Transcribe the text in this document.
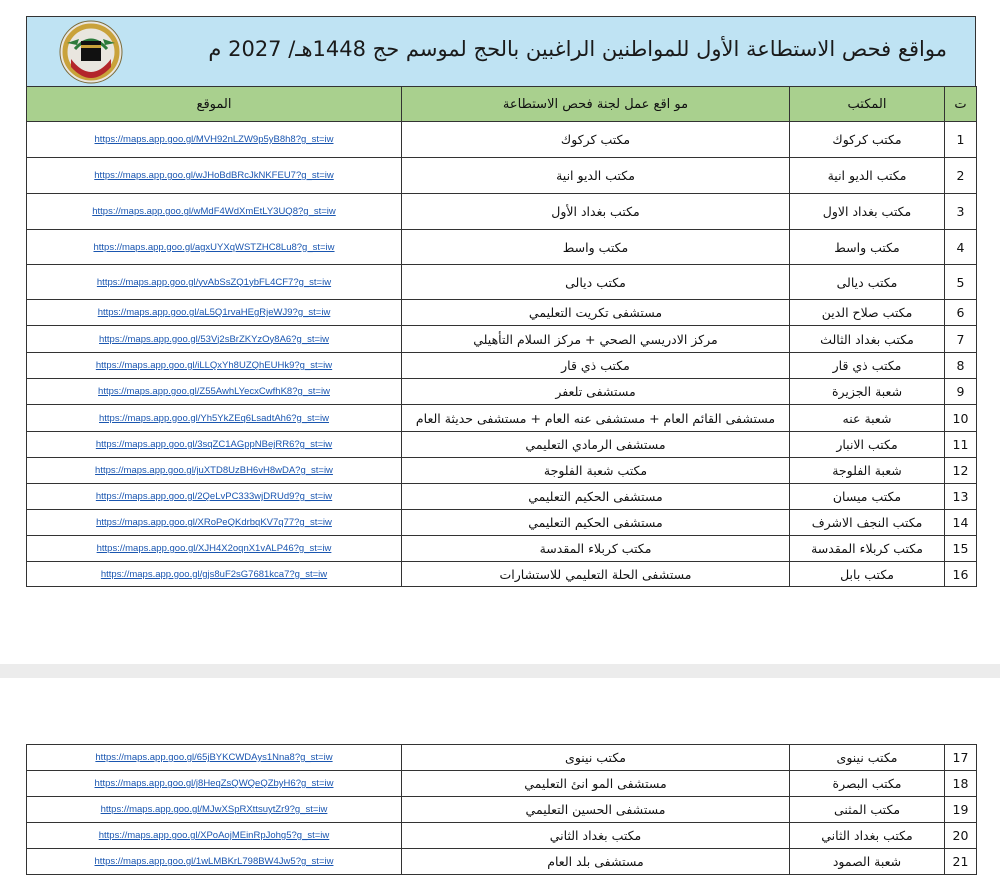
مواقع فحص الاستطاعة الأول للمواطنين الراغبين بالحج لموسم حج 1448هـ/ 2027 م
ت	المكتب	مو اقع عمل لجنة فحص الاستطاعة	الموقع
1	مكتب كركوك	مكتب كركوك	https://maps.app.goo.gl/MVH92nLZW9p5yB8h8?g_st=iw
2	مكتب الديو انية	مكتب الديو انية	https://maps.app.goo.gl/wJHoBdBRcJkNKFEU7?g_st=iw
3	مكتب بغداد الاول	مكتب بغداد الأول	https://maps.app.goo.gl/wMdF4WdXmEtLY3UQ8?g_st=iw
4	مكتب واسط	مكتب واسط	https://maps.app.goo.gl/agxUYXqWSTZHC8Lu8?g_st=iw
5	مكتب ديالى	مكتب ديالى	https://maps.app.goo.gl/yvAbSsZQ1ybFL4CF7?g_st=iw
6	مكتب صلاح الدين	مستشفى تكريت التعليمي	https://maps.app.goo.gl/aL5Q1rvaHEgRjeWJ9?g_st=iw
7	مكتب بغداد الثالث	مركز الادريسي الصحي + مركز السلام التأهيلي	https://maps.app.goo.gl/53Vj2sBrZKYzOy8A6?g_st=iw
8	مكتب ذي قار	مكتب ذي قار	https://maps.app.goo.gl/iLLQxYh8UZQhEUHk9?g_st=iw
9	شعبة الجزيرة	مستشفى تلعفر	https://maps.app.goo.gl/Z55AwhLYecxCwfhK8?g_st=iw
10	شعبة عنه	مستشفى القائم العام + مستشفى عنه العام + مستشفى حديثة العام	https://maps.app.goo.gl/Yh5YkZEq6LsadtAh6?g_st=iw
11	مكتب الانبار	مستشفى الرمادي التعليمي	https://maps.app.goo.gl/3sqZC1AGppNBejRR6?g_st=iw
12	شعبة الفلوجة	مكتب شعبة الفلوجة	https://maps.app.goo.gl/juXTD8UzBH6vH8wDA?g_st=iw
13	مكتب ميسان	مستشفى الحكيم التعليمي	https://maps.app.goo.gl/2QeLvPC333wjDRUd9?g_st=iw
14	مكتب النجف الاشرف	مستشفى الحكيم التعليمي	https://maps.app.goo.gl/XRoPeQKdrbqKV7q77?g_st=iw
15	مكتب كربلاء المقدسة	مكتب كربلاء المقدسة	https://maps.app.goo.gl/XJH4X2oqnX1vALP46?g_st=iw
16	مكتب بابل	مستشفى الحلة التعليمي للاستشارات	https://maps.app.goo.gl/gjs8uF2sG7681kca7?g_st=iw
17	مكتب نينوى	مكتب نينوى	https://maps.app.goo.gl/65jBYKCWDAys1Nna8?g_st=iw
18	مكتب البصرة	مستشفى المو انئ التعليمي	https://maps.app.goo.gl/j8HeqZsQWQeQZbyH6?g_st=iw
19	مكتب المثنى	مستشفى الحسين التعليمي	https://maps.app.goo.gl/MJwXSpRXttsuytZr9?g_st=iw
20	مكتب بغداد الثاني	مكتب بغداد الثاني	https://maps.app.goo.gl/XPoAojMEinRpJohg5?g_st=iw
21	شعبة الصمود	مستشفى بلد العام	https://maps.app.goo.gl/1wLMBKrL798BW4Jw5?g_st=iw
